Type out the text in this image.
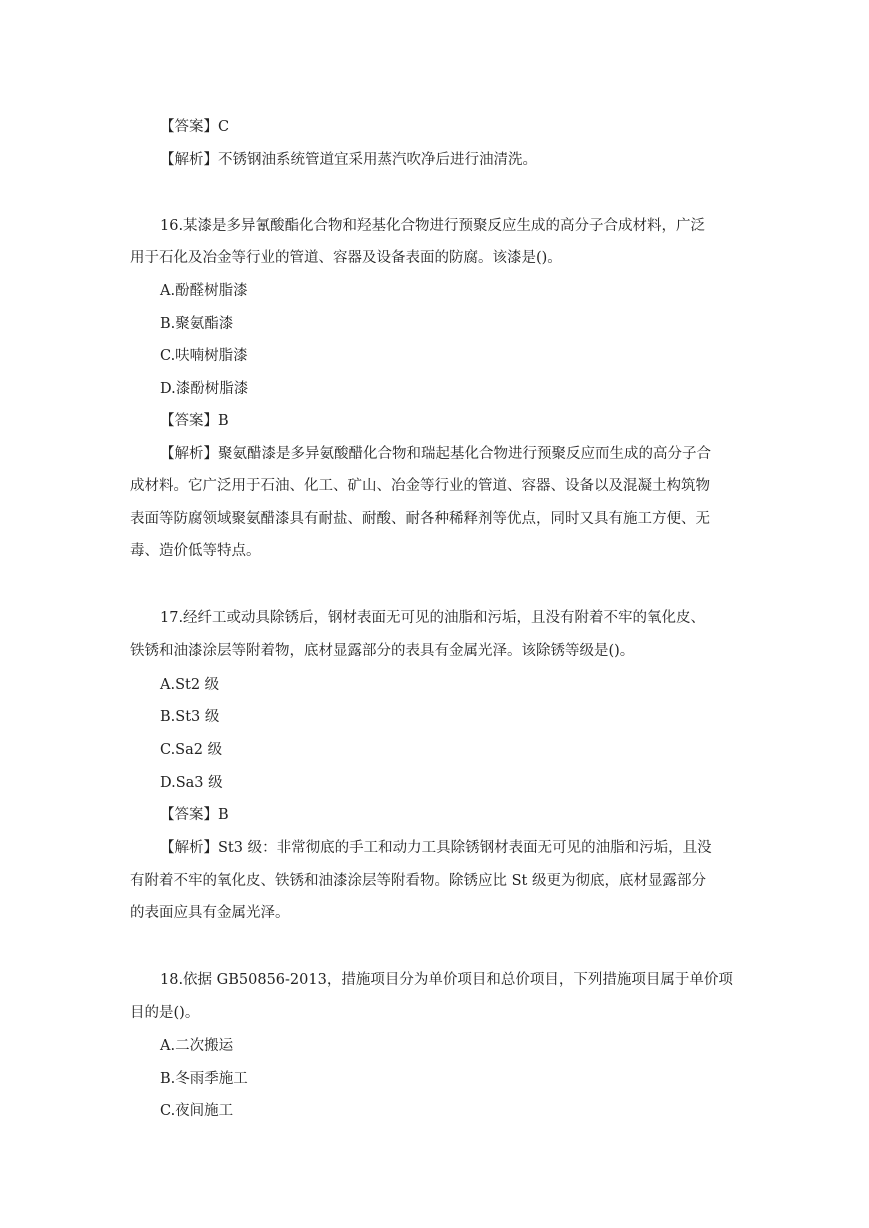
【答案】C
【解析】不锈钢油系统管道宜采用蒸汽吹净后进行油清洗。
16.某漆是多异氰酸酯化合物和羟基化合物进行预聚反应生成的高分子合成材料，广泛
用于石化及冶金等行业的管道、容器及设备表面的防腐。该漆是()。
A.酚醛树脂漆
B.聚氨酯漆
C.呋喃树脂漆
D.漆酚树脂漆
【答案】B
【解析】聚氨醋漆是多异氨酸醋化合物和瑞起基化合物进行预聚反应而生成的高分子合
成材料。它广泛用于石油、化工、矿山、冶金等行业的管道、容器、设备以及混凝土构筑物
表面等防腐领域聚氨醋漆具有耐盐、耐酸、耐各种稀释剂等优点，同时又具有施工方便、无
毒、造价低等特点。
17.经纤工或动具除锈后，钢材表面无可见的油脂和污垢，且没有附着不牢的氧化皮、
铁锈和油漆涂层等附着物，底材显露部分的表具有金属光泽。该除锈等级是()。
A.St2 级
B.St3 级
C.Sa2 级
D.Sa3 级
【答案】B
【解析】St3 级：非常彻底的手工和动力工具除锈钢材表面无可见的油脂和污垢，且没
有附着不牢的氧化皮、铁锈和油漆涂层等附看物。除锈应比 St 级更为彻底，底材显露部分
的表面应具有金属光泽。
18.依据 GB50856-2013，措施项目分为单价项目和总价项目，下列措施项目属于单价项
目的是()。
A.二次搬运
B.冬雨季施工
C.夜间施工
